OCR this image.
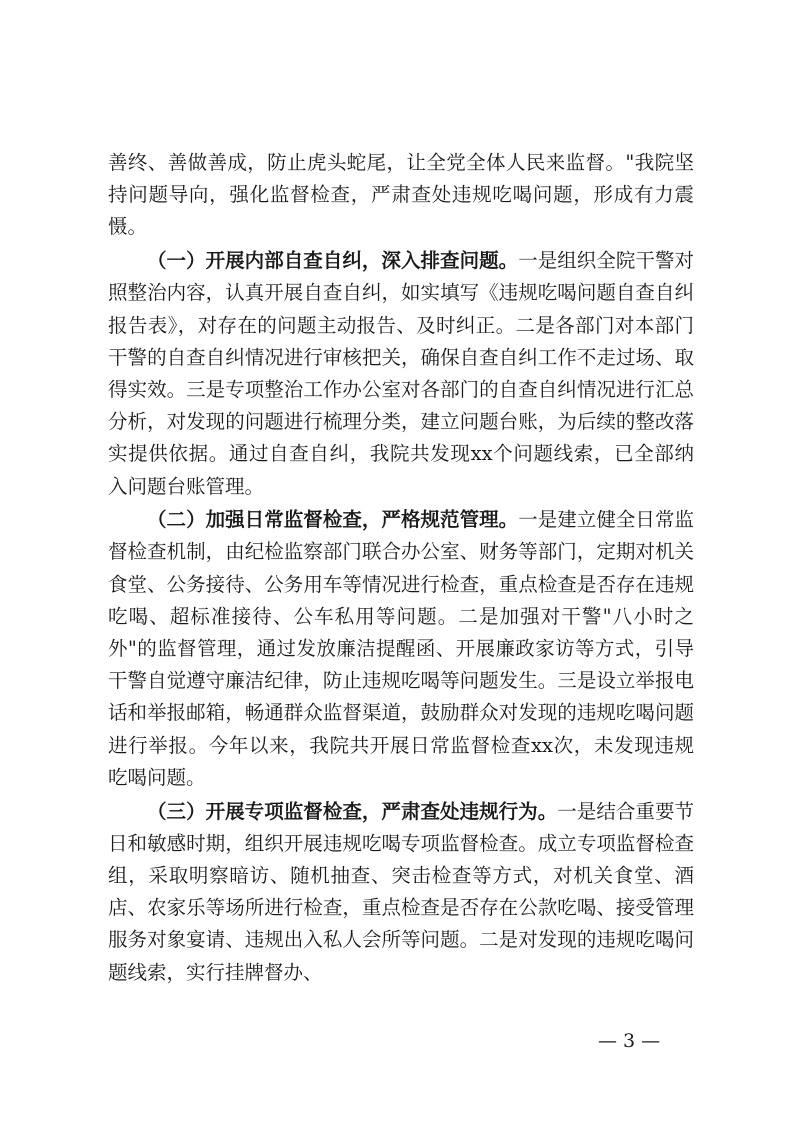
善终、善做善成，防止虎头蛇尾，让全党全体人民来监督。"我院坚持问题导向，强化监督检查，严肃查处违规吃喝问题，形成有力震慑。

（一）开展内部自查自纠，深入排查问题。一是组织全院干警对照整治内容，认真开展自查自纠，如实填写《违规吃喝问题自查自纠报告表》，对存在的问题主动报告、及时纠正。二是各部门对本部门干警的自查自纠情况进行审核把关，确保自查自纠工作不走过场、取得实效。三是专项整治工作办公室对各部门的自查自纠情况进行汇总分析，对发现的问题进行梳理分类，建立问题台账，为后续的整改落实提供依据。通过自查自纠，我院共发现xx个问题线索，已全部纳入问题台账管理。

（二）加强日常监督检查，严格规范管理。一是建立健全日常监督检查机制，由纪检监察部门联合办公室、财务等部门，定期对机关食堂、公务接待、公务用车等情况进行检查，重点检查是否存在违规吃喝、超标准接待、公车私用等问题。二是加强对干警"八小时之外"的监督管理，通过发放廉洁提醒函、开展廉政家访等方式，引导干警自觉遵守廉洁纪律，防止违规吃喝等问题发生。三是设立举报电话和举报邮箱，畅通群众监督渠道，鼓励群众对发现的违规吃喝问题进行举报。今年以来，我院共开展日常监督检查xx次，未发现违规吃喝问题。

（三）开展专项监督检查，严肃查处违规行为。一是结合重要节日和敏感时期，组织开展违规吃喝专项监督检查。成立专项监督检查组，采取明察暗访、随机抽查、突击检查等方式，对机关食堂、酒店、农家乐等场所进行检查，重点检查是否存在公款吃喝、接受管理服务对象宴请、违规出入私人会所等问题。二是对发现的违规吃喝问题线索，实行挂牌督办、

— 3 —
